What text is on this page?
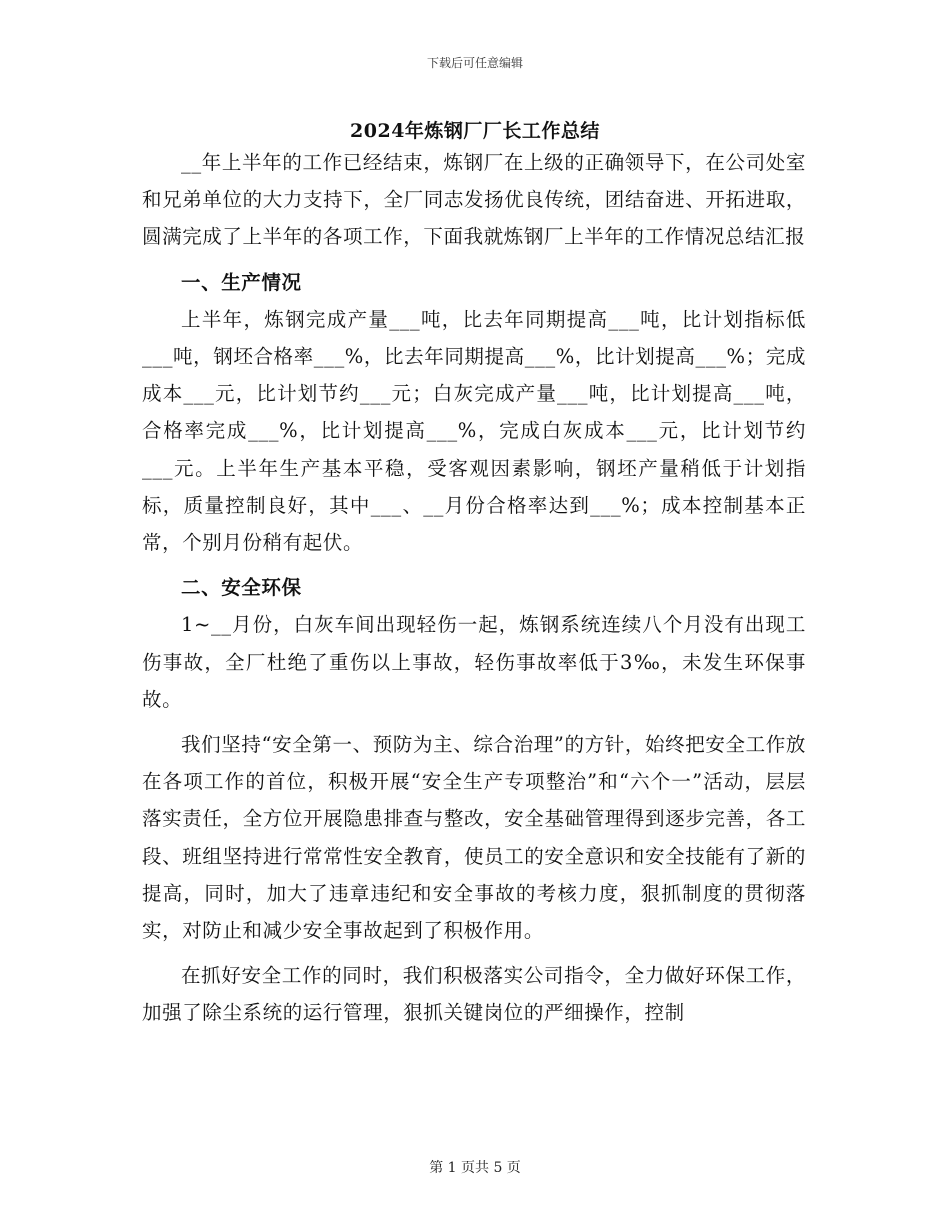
下载后可任意编辑
2024年炼钢厂厂长工作总结

__年上半年的工作已经结束，炼钢厂在上级的正确领导下，在公司处室和兄弟单位的大力支持下，全厂同志发扬优良传统，团结奋进、开拓进取，圆满完成了上半年的各项工作，下面我就炼钢厂上半年的工作情况总结汇报

一、生产情况

上半年，炼钢完成产量___吨，比去年同期提高___吨，比计划指标低___吨，钢坯合格率___%，比去年同期提高___%，比计划提高___%；完成成本___元，比计划节约___元；白灰完成产量___吨，比计划提高___吨，合格率完成___%，比计划提高___%，完成白灰成本___元，比计划节约___元。上半年生产基本平稳，受客观因素影响，钢坯产量稍低于计划指标，质量控制良好，其中___、__月份合格率达到___%；成本控制基本正常，个别月份稍有起伏。

二、安全环保

1~__月份，白灰车间出现轻伤一起，炼钢系统连续八个月没有出现工伤事故，全厂杜绝了重伤以上事故，轻伤事故率低于3‰，未发生环保事故。

我们坚持“安全第一、预防为主、综合治理”的方针，始终把安全工作放在各项工作的首位，积极开展“安全生产专项整治”和“六个一”活动，层层落实责任，全方位开展隐患排查与整改，安全基础管理得到逐步完善，各工段、班组坚持进行常常性安全教育，使员工的安全意识和安全技能有了新的提高，同时，加大了违章违纪和安全事故的考核力度，狠抓制度的贯彻落实，对防止和减少安全事故起到了积极作用。

在抓好安全工作的同时，我们积极落实公司指令，全力做好环保工作，加强了除尘系统的运行管理，狠抓关键岗位的严细操作，控制

第 1 页共 5 页
